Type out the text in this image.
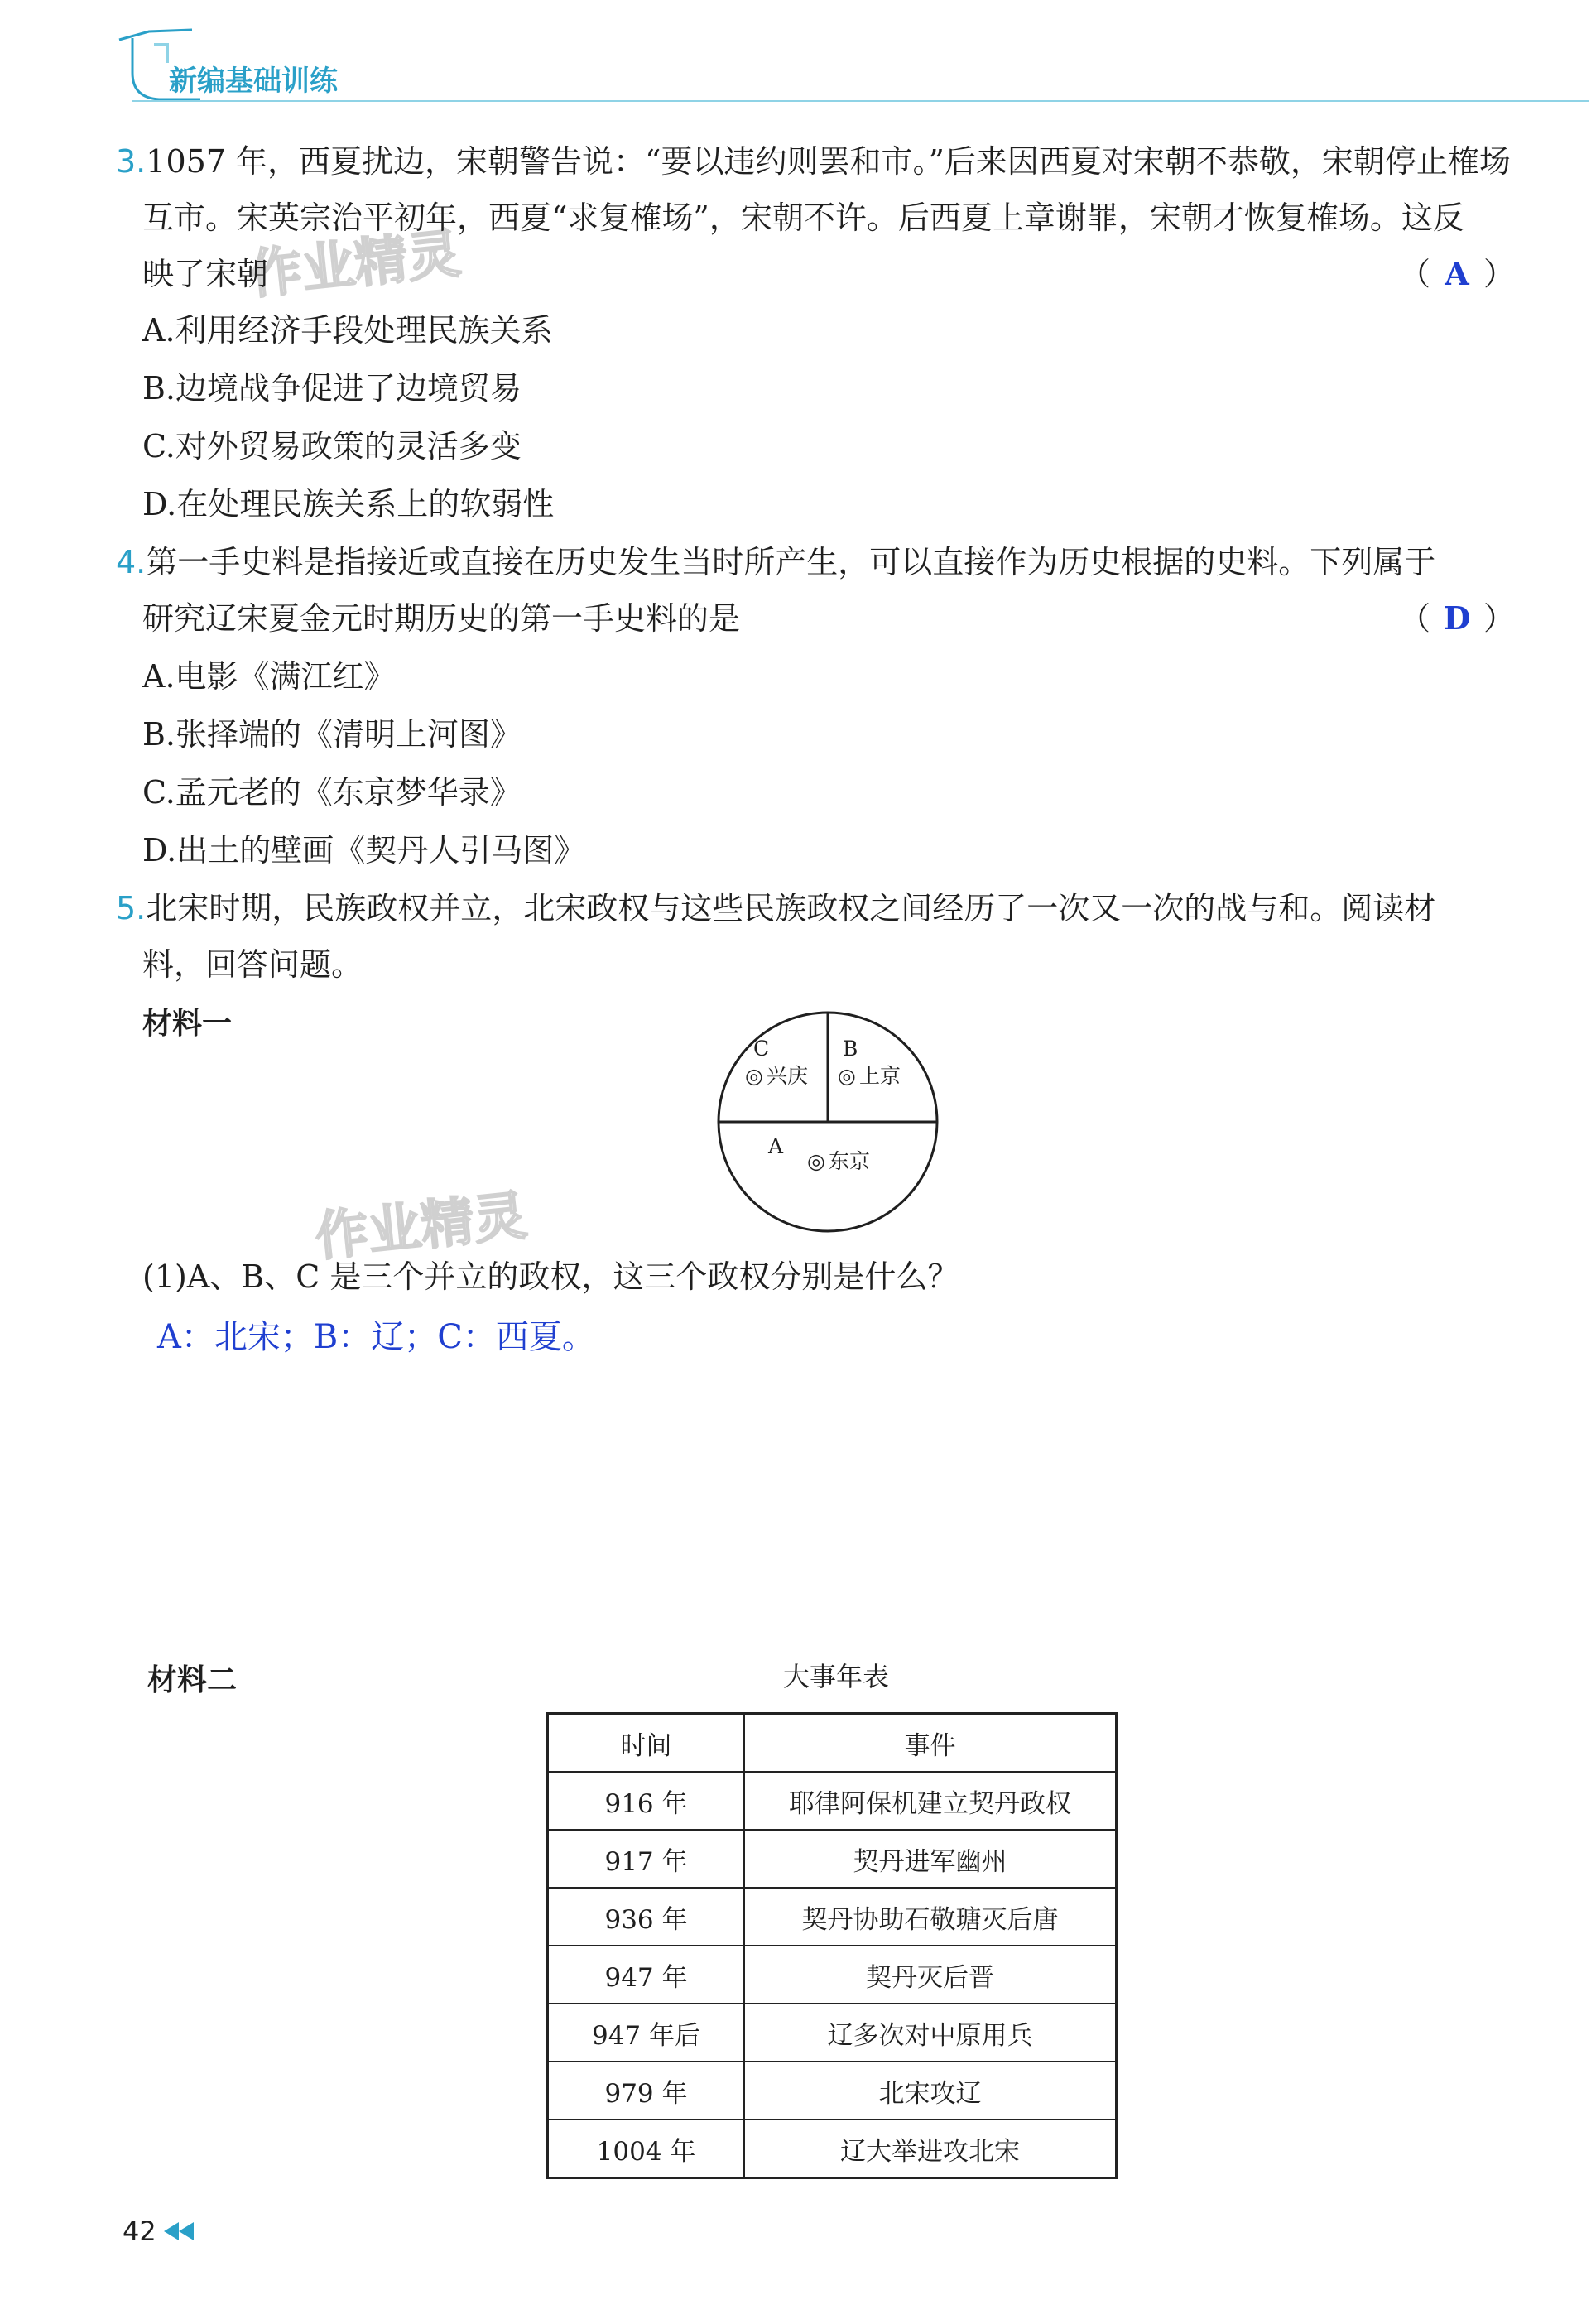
新编基础训练
作业精灵
作业精灵
3.1057 年，西夏扰边，宋朝警告说：“要以违约则罢和市。”后来因西夏对宋朝不恭敬，宋朝停止榷场
互市。宋英宗治平初年，西夏“求复榷场”，宋朝不许。后西夏上章谢罪，宋朝才恢复榷场。这反
映了宋朝	（ A ）
A.利用经济手段处理民族关系
B.边境战争促进了边境贸易
C.对外贸易政策的灵活多变
D.在处理民族关系上的软弱性
4.第一手史料是指接近或直接在历史发生当时所产生，可以直接作为历史根据的史料。下列属于
研究辽宋夏金元时期历史的第一手史料的是	（ D ）
A.电影《满江红》
B.张择端的《清明上河图》
C.孟元老的《东京梦华录》
D.出土的壁画《契丹人引马图》
5.北宋时期，民族政权并立，北宋政权与这些民族政权之间经历了一次又一次的战与和。阅读材
料，回答问题。
材料一
C
◎ 兴庆
B
◎ 上京
A
◎ 东京
(1)A、B、C 是三个并立的政权，这三个政权分别是什么？
A：北宋；B：辽；C：西夏。
材料二	大事年表
时间	事件
916 年	耶律阿保机建立契丹政权
917 年	契丹进军幽州
936 年	契丹协助石敬瑭灭后唐
947 年	契丹灭后晋
947 年后	辽多次对中原用兵
979 年	北宋攻辽
1004 年	辽大举进攻北宋
42
